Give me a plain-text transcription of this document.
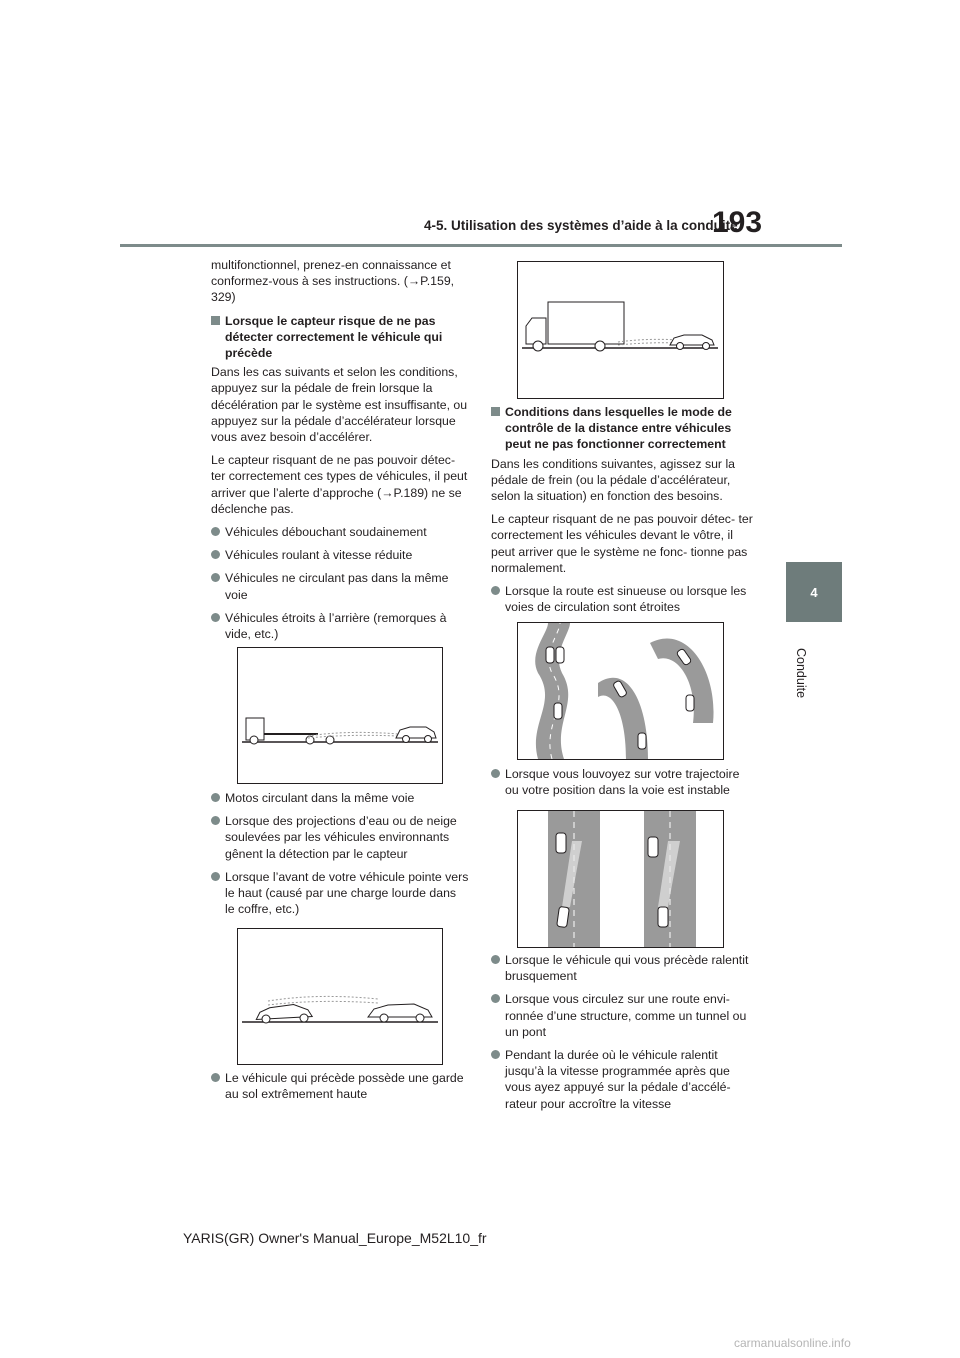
4-5. Utilisation des systèmes d’aide à la conduite
193
4
Conduite

multifonctionnel, prenez-en connaissance et conformez-vous à ses instructions. (→P.159, 329)

Lorsque le capteur risque de ne pas détecter correctement le véhicule qui précède

Dans les cas suivants et selon les conditions, appuyez sur la pédale de frein lorsque la décélération par le système est insuffisante, ou appuyez sur la pédale d’accélérateur lorsque vous avez besoin d’accélérer.

Le capteur risquant de ne pas pouvoir détec- ter correctement ces types de véhicules, il peut arriver que l’alerte d’approche (→P.189) ne se déclenche pas.

Véhicules débouchant soudainement

Véhicules roulant à vitesse réduite

Véhicules ne circulant pas dans la même voie

Véhicules étroits à l’arrière (remorques à vide, etc.)

Motos circulant dans la même voie

Lorsque des projections d’eau ou de neige soulevées par les véhicules environnants gênent la détection par le capteur

Lorsque l’avant de votre véhicule pointe vers le haut (causé par une charge lourde dans le coffre, etc.)

Le véhicule qui précède possède une garde au sol extrêmement haute

Conditions dans lesquelles le mode de contrôle de la distance entre véhicules peut ne pas fonctionner correctement

Dans les conditions suivantes, agissez sur la pédale de frein (ou la pédale d’accélérateur, selon la situation) en fonction des besoins.

Le capteur risquant de ne pas pouvoir détec- ter correctement les véhicules devant le vôtre, il peut arriver que le système ne fonc- tionne pas normalement.

Lorsque la route est sinueuse ou lorsque les voies de circulation sont étroites

Lorsque vous louvoyez sur votre trajectoire ou votre position dans la voie est instable

Lorsque le véhicule qui vous précède ralentit brusquement

Lorsque vous circulez sur une route envi- ronnée d’une structure, comme un tunnel ou un pont

Pendant la durée où le véhicule ralentit jusqu’à la vitesse programmée après que vous ayez appuyé sur la pédale d’accélé- rateur pour accroître la vitesse

YARIS(GR) Owner's Manual_Europe_M52L10_fr
carmanualsonline.info
